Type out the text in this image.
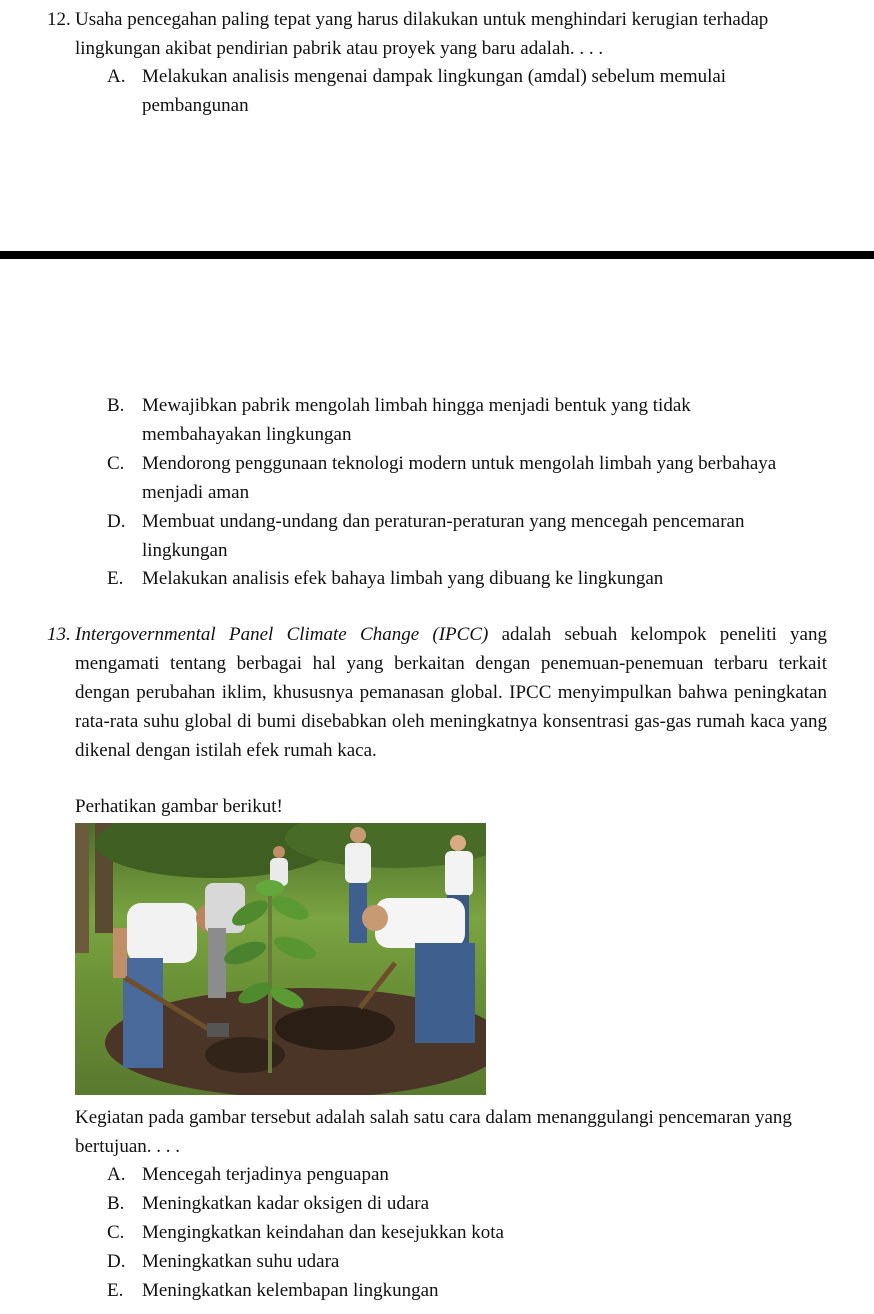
12. Usaha pencegahan paling tepat yang harus dilakukan untuk menghindari kerugian terhadap lingkungan akibat pendirian pabrik atau proyek yang baru adalah. . . .
A. Melakukan analisis mengenai dampak lingkungan (amdal) sebelum memulai pembangunan
B. Mewajibkan pabrik mengolah limbah hingga menjadi bentuk yang tidak membahayakan lingkungan
C. Mendorong penggunaan teknologi modern untuk mengolah limbah yang berbahaya menjadi aman
D. Membuat undang-undang dan peraturan-peraturan yang mencegah pencemaran lingkungan
E. Melakukan analisis efek bahaya limbah yang dibuang ke lingkungan
13. Intergovernmental Panel Climate Change (IPCC) adalah sebuah kelompok peneliti yang mengamati tentang berbagai hal yang berkaitan dengan penemuan-penemuan terbaru terkait dengan perubahan iklim, khususnya pemanasan global. IPCC menyimpulkan bahwa peningkatan rata-rata suhu global di bumi disebabkan oleh meningkatnya konsentrasi gas-gas rumah kaca yang dikenal dengan istilah efek rumah kaca.
Perhatikan gambar berikut!
Kegiatan pada gambar tersebut adalah salah satu cara dalam menanggulangi pencemaran yang bertujuan. . . .
A. Mencegah terjadinya penguapan
B. Meningkatkan kadar oksigen di udara
C. Mengingkatkan keindahan dan kesejukkan kota
D. Meningkatkan suhu udara
E. Meningkatkan kelembapan lingkungan
